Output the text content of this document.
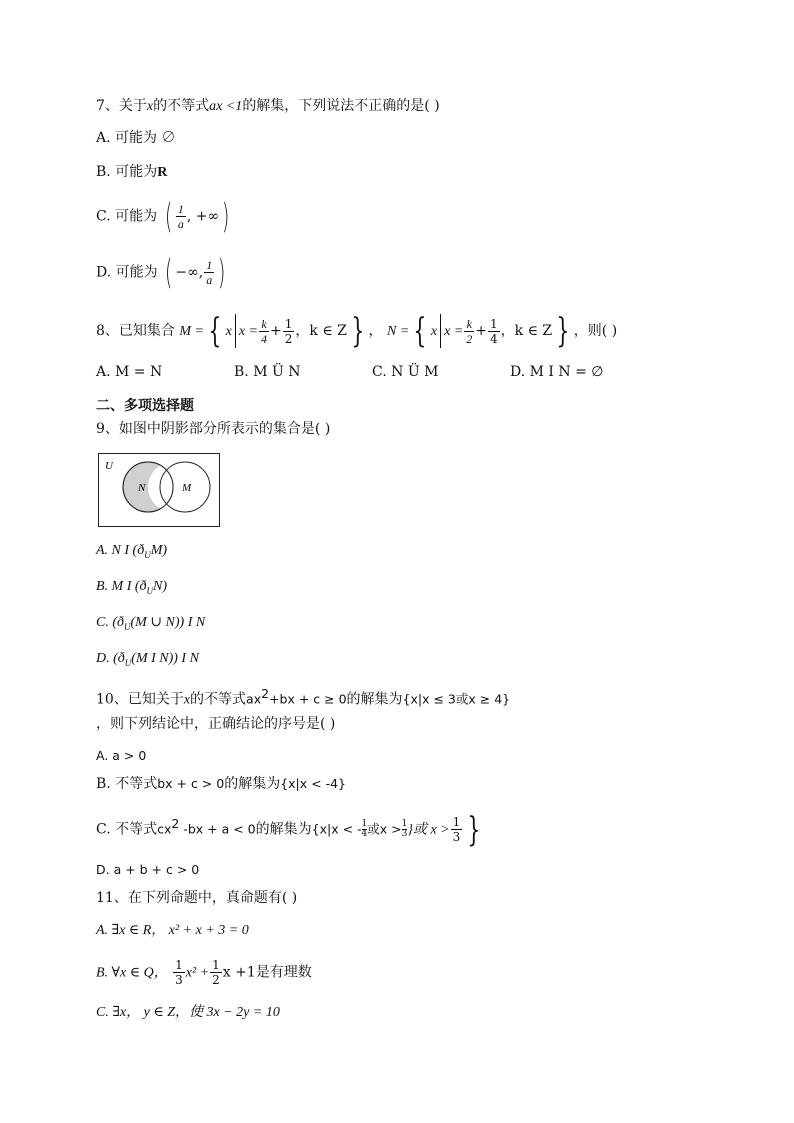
7、关于x的不等式ax <1的解集，下列说法不正确的是( )
A. 可能为 ∅
B. 可能为R
C. 可能为 ( $\frac{1}{a}$ , +∞)
D. 可能为 ( −∞, $\frac{1}{a}$ )
8、已知集合 M = { x $x = \frac{k}{4} + \frac{1}{2}$ ，k ∈ Z } ， N = { x $x = \frac{k}{2} + \frac{1}{4}$ ，k ∈ Z } ，则( )
A. M = N	B. M Ü N	C. N Ü M	D. M I N = ∅
二、多项选择题
9、如图中阴影部分所表示的集合是( )
U
N	M
A. N I $(ð_UM)$
B. M I $(ð_UN)$
C. ($ð_U(M$ ∪ N)) I N
D. ($ð_U(M$ I N)) I N
10、已知关于x的不等式$ax^2+bx + c \ge 0$的解集为{x|x ≤ 3或x ≥ 4}
，则下列结论中，正确结论的序号是( )
A. a > 0
B. 不等式bx + c > 0的解集为{x|x < -4}
C. 不等式$cx^2$ -bx + a < 0的解集为{x|x < - $\frac{1}{4}$ 或$x > \frac{1}{3}$ }或 $x > \frac{1}{3}$ }
D. a + b + c > 0
11、在下列命题中，真命题有( )
A. ∃x ∈ R， x² + x + 3 = 0
B. ∀x ∈ Q， $\frac{1}{3} x^2 + \frac{1}{2}$ x +1是有理数
C. ∃x， y ∈ Z，使 3x − 2y = 10
